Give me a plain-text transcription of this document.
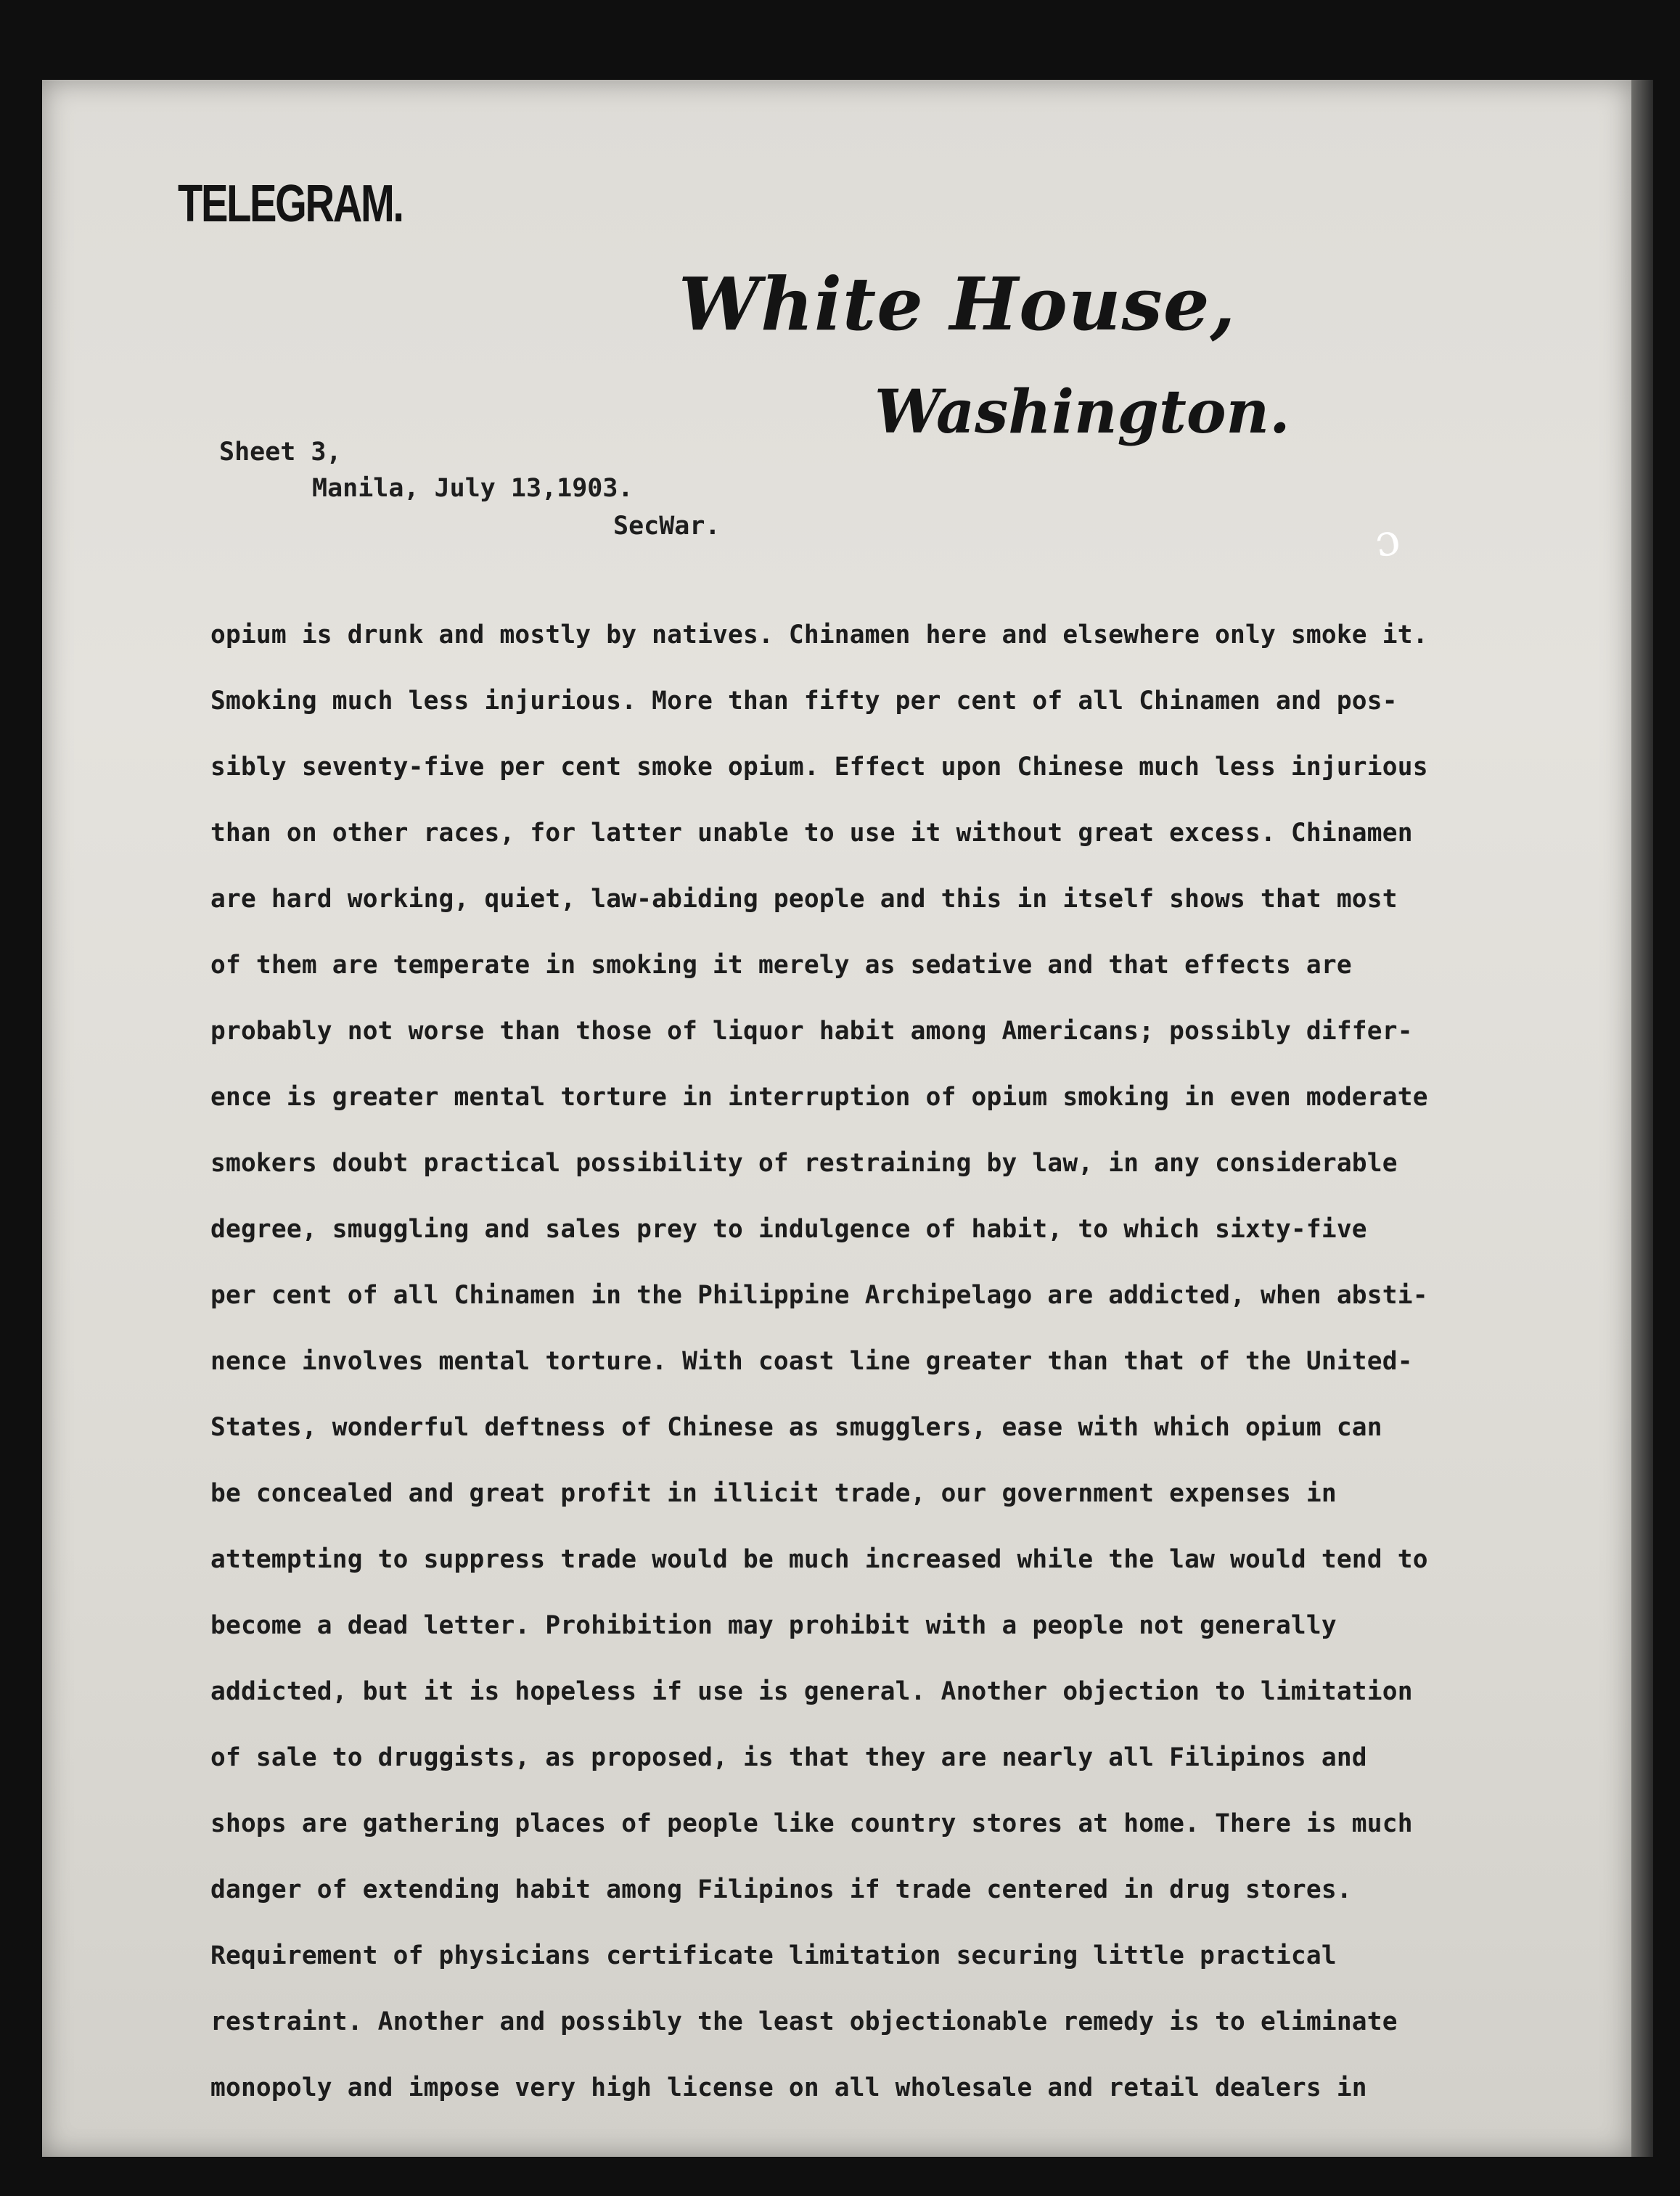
TELEGRAM.
White House,
Washington.
Sheet 3,
Manila, July 13,1903.
SecWar.	ɔ
opium is drunk and mostly by natives. Chinamen here and elsewhere only smoke it.
Smoking much less injurious. More than fifty per cent of all Chinamen and pos-
sibly seventy-five per cent smoke opium. Effect upon Chinese much less injurious
than on other races, for latter unable to use it without great excess. Chinamen
are hard working, quiet, law-abiding people and this in itself shows that most
of them are temperate in smoking it merely as sedative and that effects are
probably not worse than those of liquor habit among Americans; possibly differ-
ence is greater mental torture in interruption of opium smoking in even moderate
smokers doubt practical possibility of restraining by law, in any considerable
degree, smuggling and sales prey to indulgence of habit, to which sixty-five
per cent of all Chinamen in the Philippine Archipelago are addicted, when absti-
nence involves mental torture. With coast line greater than that of the United-
States, wonderful deftness of Chinese as smugglers, ease with which opium can
be concealed and great profit in illicit trade, our government expenses in
attempting to suppress trade would be much increased while the law would tend to
become a dead letter. Prohibition may prohibit with a people not generally
addicted, but it is hopeless if use is general. Another objection to limitation
of sale to druggists, as proposed, is that they are nearly all Filipinos and
shops are gathering places of people like country stores at home. There is much
danger of extending habit among Filipinos if trade centered in drug stores.
Requirement of physicians certificate limitation securing little practical
restraint. Another and possibly the least objectionable remedy is to eliminate
monopoly and impose very high license on all wholesale and retail dealers in
